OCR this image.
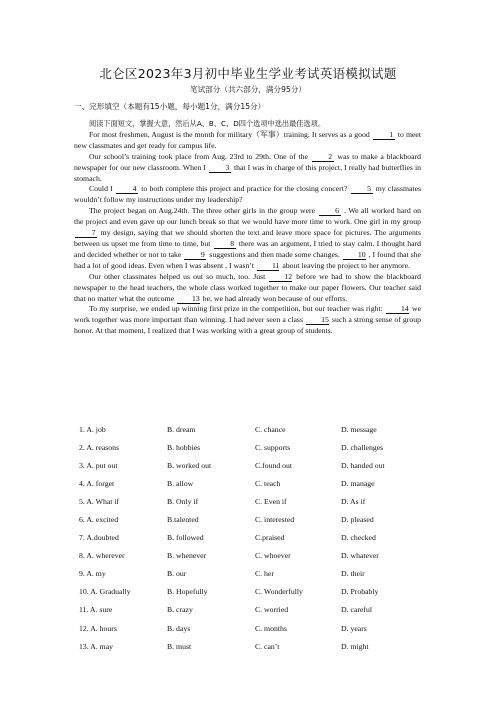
北仑区2023年3月初中毕业生学业考试英语模拟试题
笔试部分（共六部分，满分95分）
一、完形填空（本题有15小题，每小题1分，满分15分）

阅读下面短文，掌握大意，然后从A、B、C、D四个选项中选出最佳选项。

For most freshmen, August is the month for military（军事）training. It serves as a good	1 to meet new classmates and get ready for campus life.

Our school’s training took place from Aug. 23rd to 29th. One of the	2 was to make a blackboard newspaper for our new classroom. When I	3 that I was in charge of this project, I really had butterflies in stomach.

Could I	4 to both complete this project and practice for the closing concert?	5 my classmates wouldn’t follow my instructions under my leadership?

The project began on Aug.24th. The three other girls in the group were	6 . We all worked hard on the project and even gave up our lunch break so that we would have more time to work. One girl in my group 7 my design, saying that we should shorten the text and leave more space for pictures. The arguments between us upset me from time to time, but	8 there was an argument, I tried to stay calm. I thought hard and decided whether or not to take	9 suggestions and then made some changes. 10 , I found that she had a lot of good ideas. Even when I was absent , I wasn’t 11 about leaving the project to her anymore.

Our other classmates helped us out so much, too. Just 12 before we had to show the blackboard newspaper to the head teachers, the whole class worked together to make our paper flowers. Our teacher said that no matter what the outcome 13 be, we had already won because of our efforts.

To my surprise, we ended up winning first prize in the competition, but our teacher was right: 14 we work together was more important than winning. I had never seen a class 15 such a strong sense of group honor. At that moment, I realized that I was working with a great group of students.

1. A. job	B. dream	C. chance	D. message
2. A. reasons	B. hobbies	C. supports	D. challenges
3. A. put out	B. worked out	C.found out	D. handed out
4. A. forget	B. allow	C. teach	D. manage
5. A. What if	B. Only if	C. Even if	D. As if
6. A. excited	B.talented	C. interested	D. pleased
7. A.doubted	B. followed	C.praised	D. checked
8. A. wherever	B. whenever	C. whoever	D. whatever
9. A. my	B. our	C. her	D. their
10. A. Gradually	B. Hopefully	C. Wonderfully	D. Probably
11. A. sure	B. crazy	C. worried	D. careful
12. A. hours	B. days	C. months	D. years
13. A. may	B. must	C. can’t	D. might
